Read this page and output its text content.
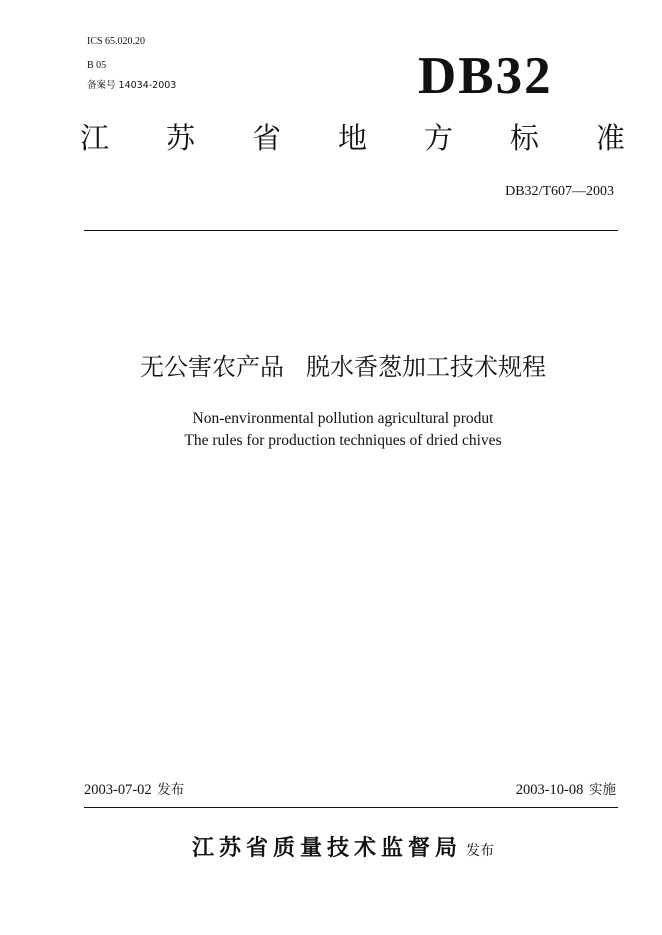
ICS 65.020.20
B 05
备案号 14034-2003	DB32
江 苏 省 地 方 标 准
DB32/T607—2003
无公害农产品 脱水香葱加工技术规程
Non-environmental pollution agricultural produt
The rules for production techniques of dried chives
2003-07-02 发布	2003-10-08 实施
江苏省质量技术监督局 发布
